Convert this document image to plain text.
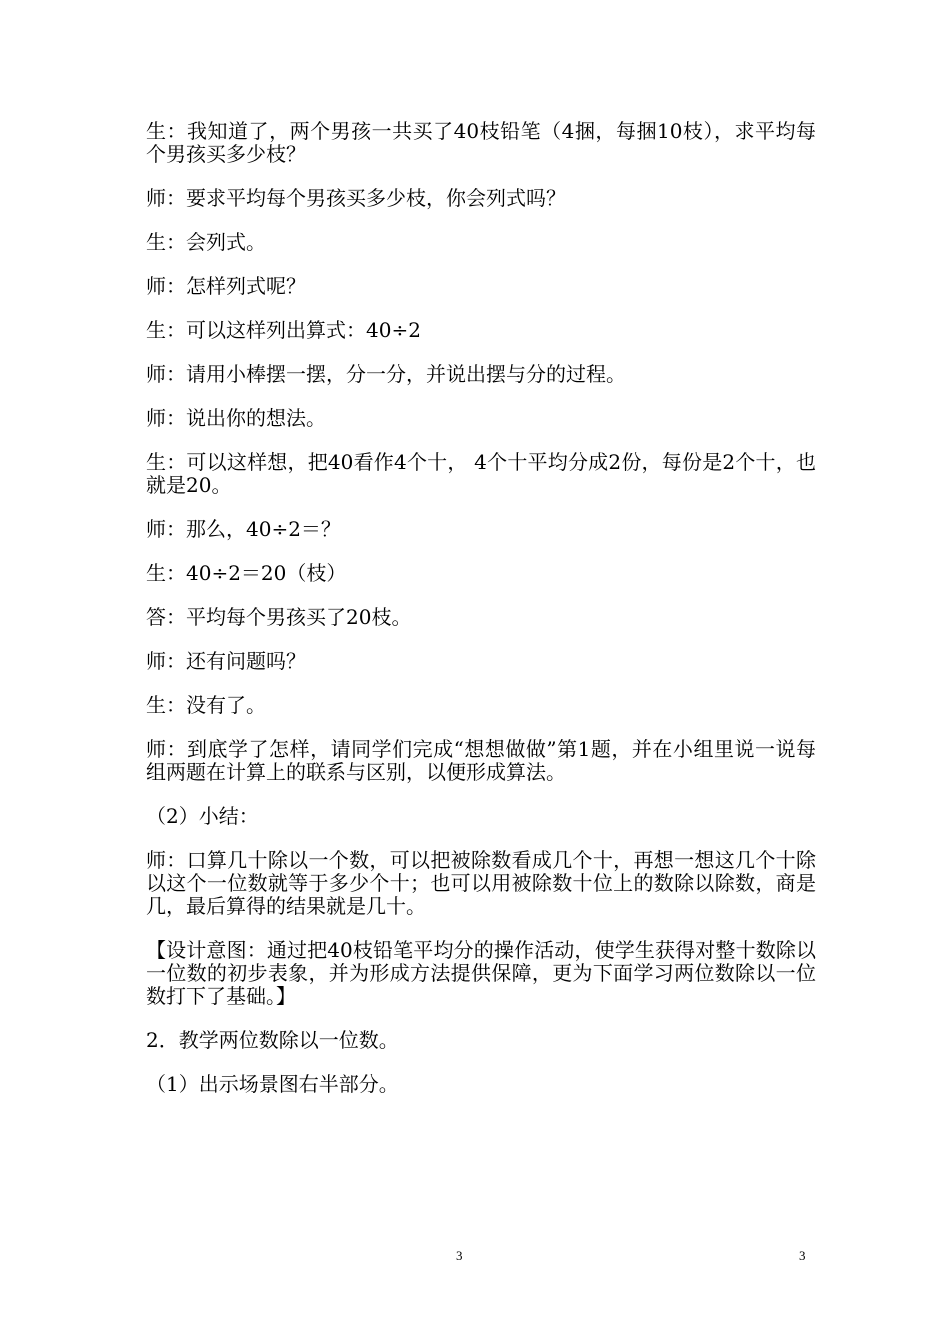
生：我知道了，两个男孩一共买了40枝铅笔（4捆，每捆10枝），求平均每个男孩买多少枝？

师：要求平均每个男孩买多少枝，你会列式吗？

生：会列式。

师：怎样列式呢？

生：可以这样列出算式：40÷2

师：请用小棒摆一摆，分一分，并说出摆与分的过程。

师：说出你的想法。

生：可以这样想，把40看作4个十， 4个十平均分成2份，每份是2个十，也就是20。

师：那么，40÷2＝？

生：40÷2＝20（枝）

答：平均每个男孩买了20枝。

师：还有问题吗？

生：没有了。

师：到底学了怎样，请同学们完成“想想做做”第1题，并在小组里说一说每组两题在计算上的联系与区别，以便形成算法。

（2）小结：

师：口算几十除以一个数，可以把被除数看成几个十，再想一想这几个十除以这个一位数就等于多少个十；也可以用被除数十位上的数除以除数，商是几，最后算得的结果就是几十。

【设计意图：通过把40枝铅笔平均分的操作活动，使学生获得对整十数除以一位数的初步表象，并为形成方法提供保障，更为下面学习两位数除以一位数打下了基础。】

2．教学两位数除以一位数。

（1）出示场景图右半部分。

3	3
